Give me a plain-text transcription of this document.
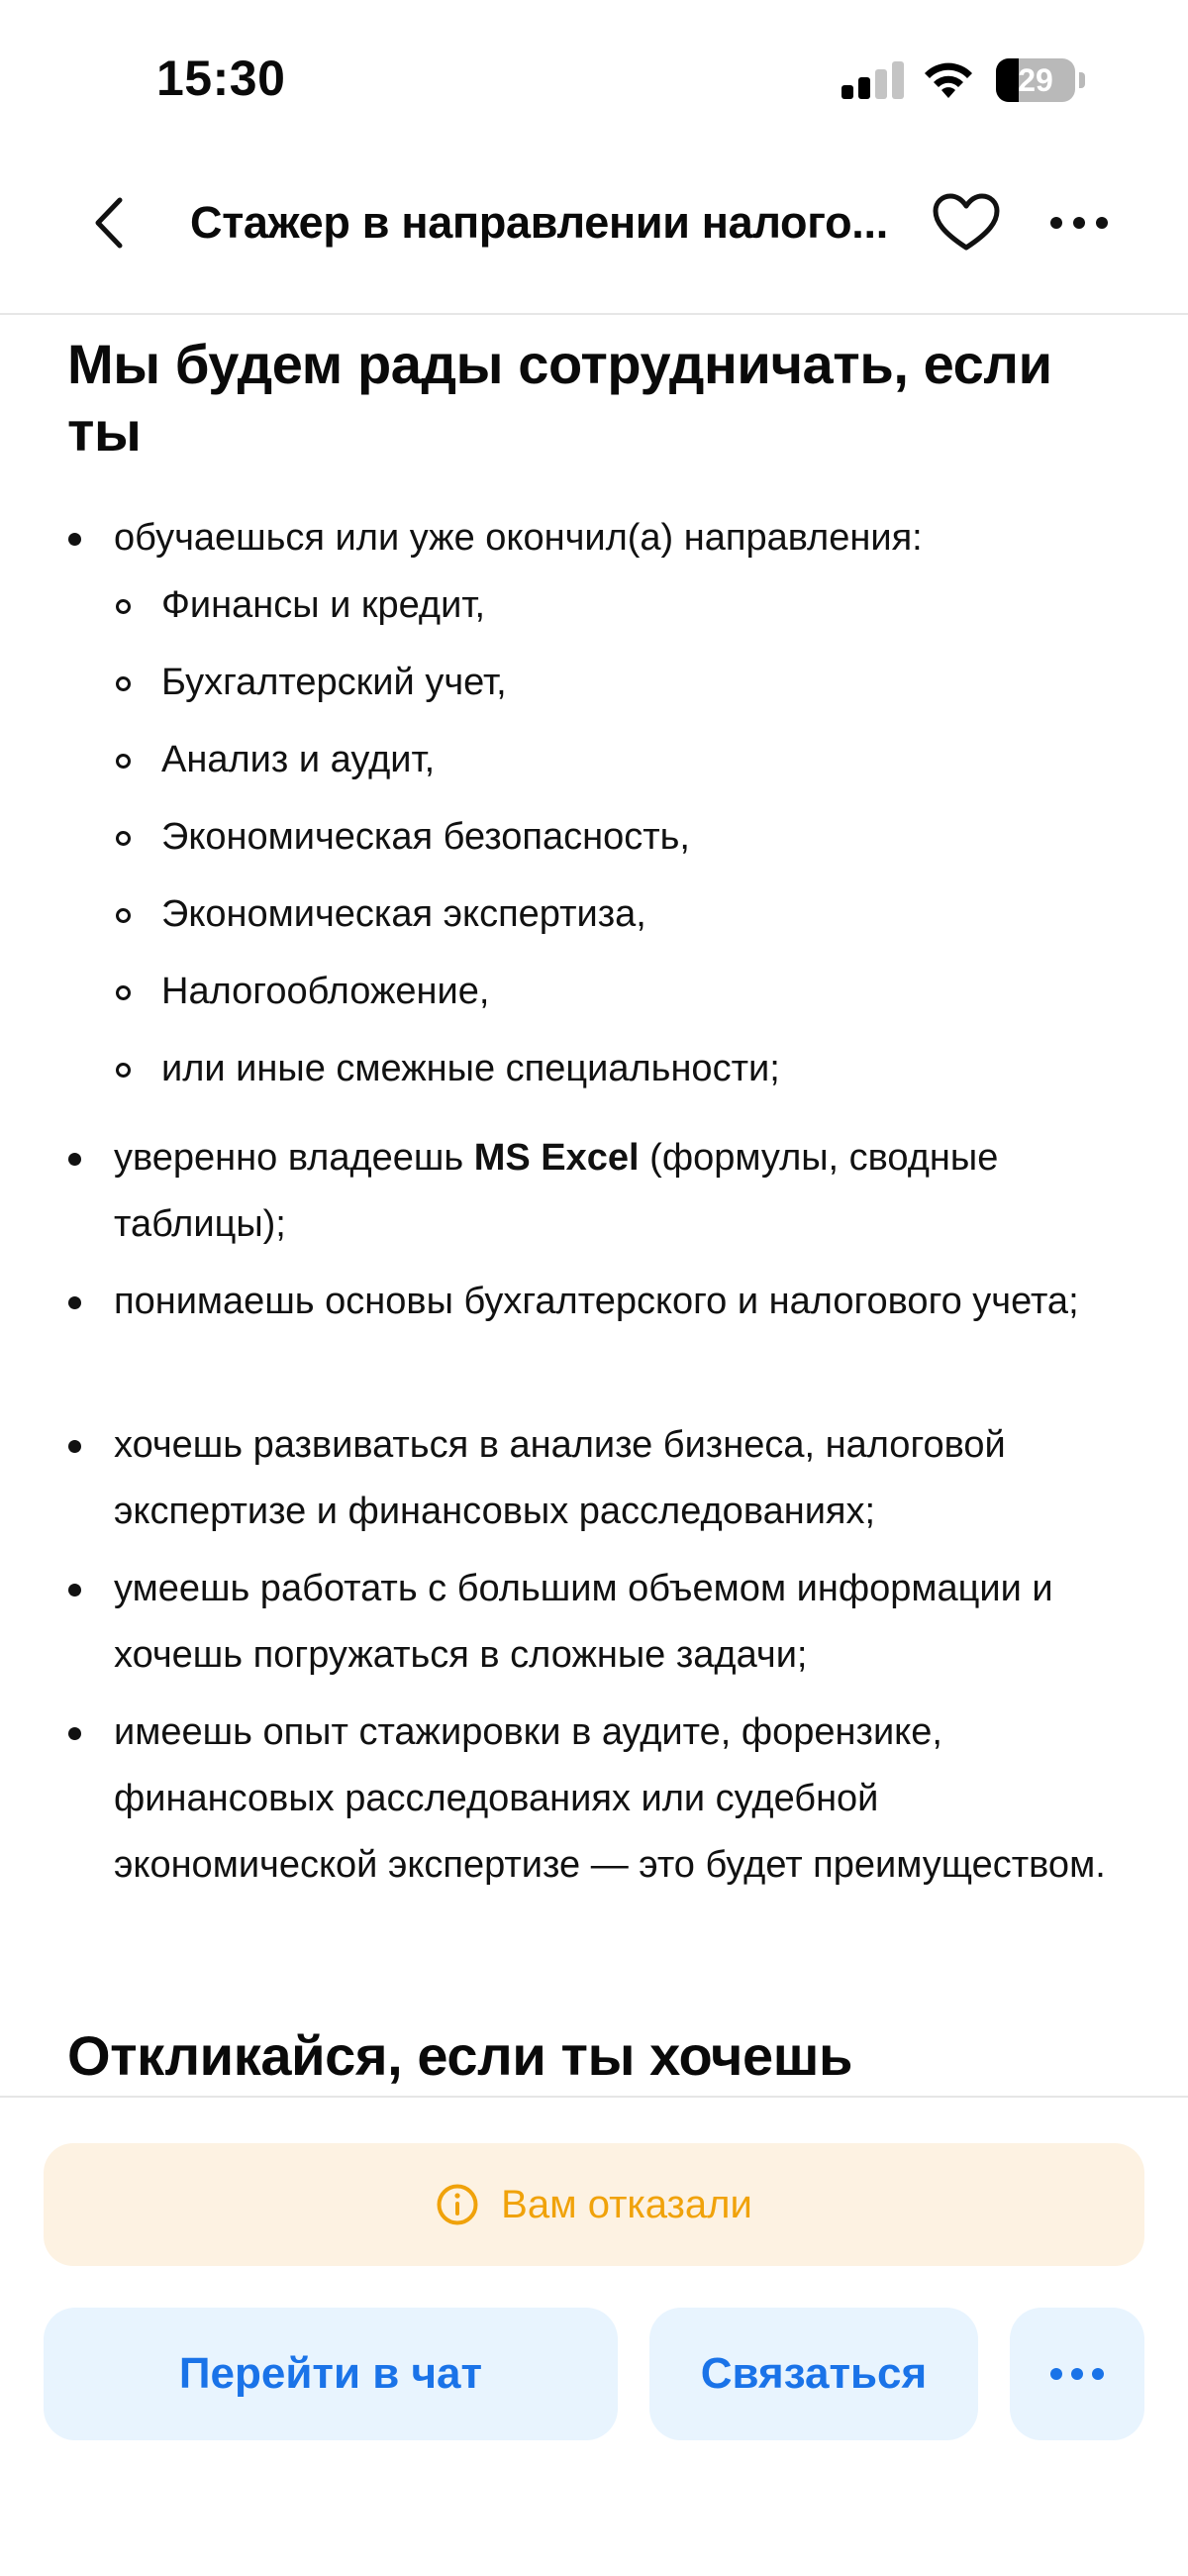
15:30	29
Стажер в направлении налого...
Мы будем рады сотрудничать, если ты
обучаешься или уже окончил(а) направления:
Финансы и кредит,
Бухгалтерский учет,
Анализ и аудит,
Экономическая безопасность,
Экономическая экспертиза,
Налогообложение,
или иные смежные специальности;
уверенно владеешь MS Excel (формулы, сводные таблицы);
понимаешь основы бухгалтерского и налогового учета;
хочешь развиваться в анализе бизнеса, налоговой экспертизе и финансовых расследованиях;
умеешь работать с большим объемом информации и хочешь погружаться в сложные задачи;
имеешь опыт стажировки в аудите, форензике, финансовых расследованиях или судебной экономической экспертизе — это будет преимуществом.
Откликайся, если ты хочешь
Вам отказали
Перейти в чат	Связаться
